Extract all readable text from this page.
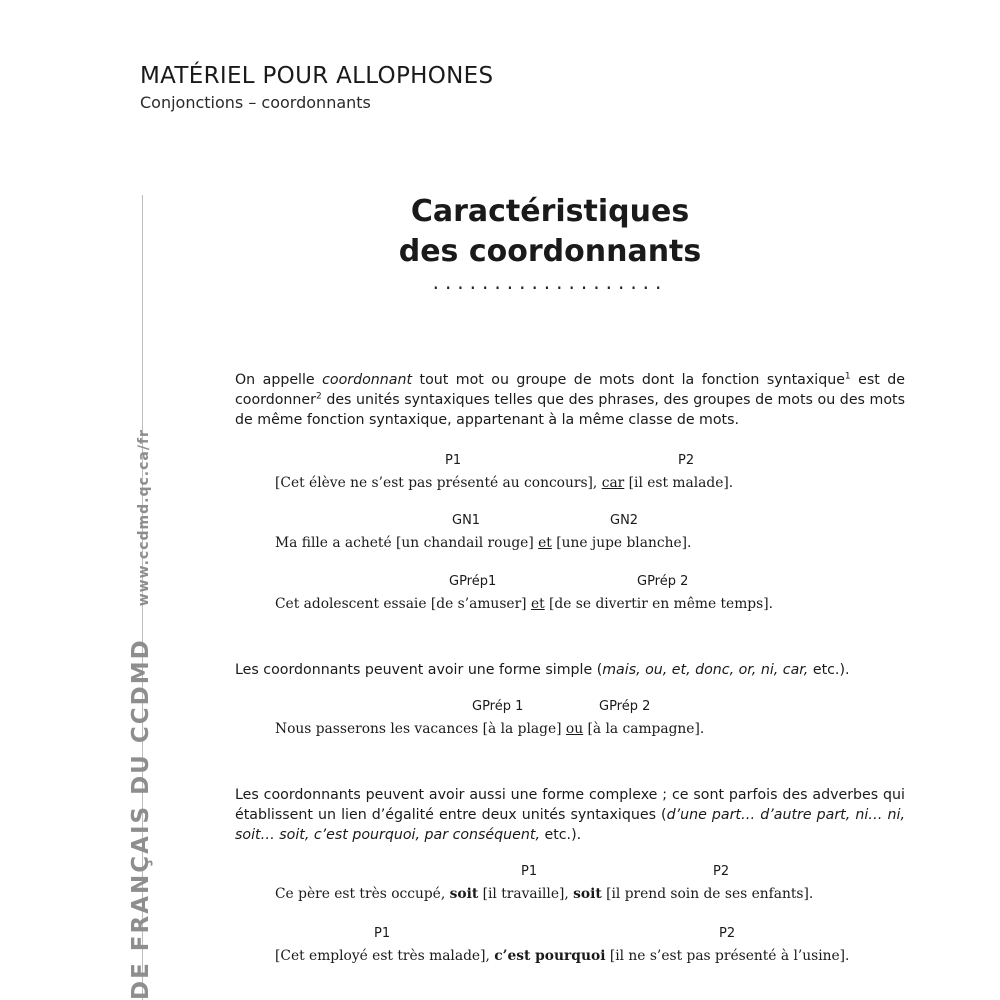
MATÉRIEL POUR ALLOPHONES
Conjonctions – coordonnants
DE FRANÇAIS DU CCDMDwww.ccdmd.qc.ca/fr
Caractéristiques
des coordonnants
...................
On appelle coordonnant tout mot ou groupe de mots dont la fonction syntaxique$^1$ est de coordonner$^2$ des unités syntaxiques telles que des phrases, des groupes de mots ou des mots de même fonction syntaxique, appartenant à la même classe de mots.
P1	P2
[Cet élève ne s’est pas présenté au concours], car [il est malade].
GN1	GN2
Ma fille a acheté [un chandail rouge] et [une jupe blanche].
GPrép1	GPrép 2
Cet adolescent essaie [de s’amuser] et [de se divertir en même temps].
Les coordonnants peuvent avoir une forme simple (mais, ou, et, donc, or, ni, car, etc.).
GPrép 1	GPrép 2
Nous passerons les vacances [à la plage] ou [à la campagne].
Les coordonnants peuvent avoir aussi une forme complexe ; ce sont parfois des adverbes qui établissent un lien d’égalité entre deux unités syntaxiques (d’une part… d’autre part, ni… ni, soit… soit, c’est pourquoi, par conséquent, etc.).
P1	P2
Ce père est très occupé, soit [il travaille], soit [il prend soin de ses enfants].
P1	P2
[Cet employé est très malade], c’est pourquoi [il ne s’est pas présenté à l’usine].
